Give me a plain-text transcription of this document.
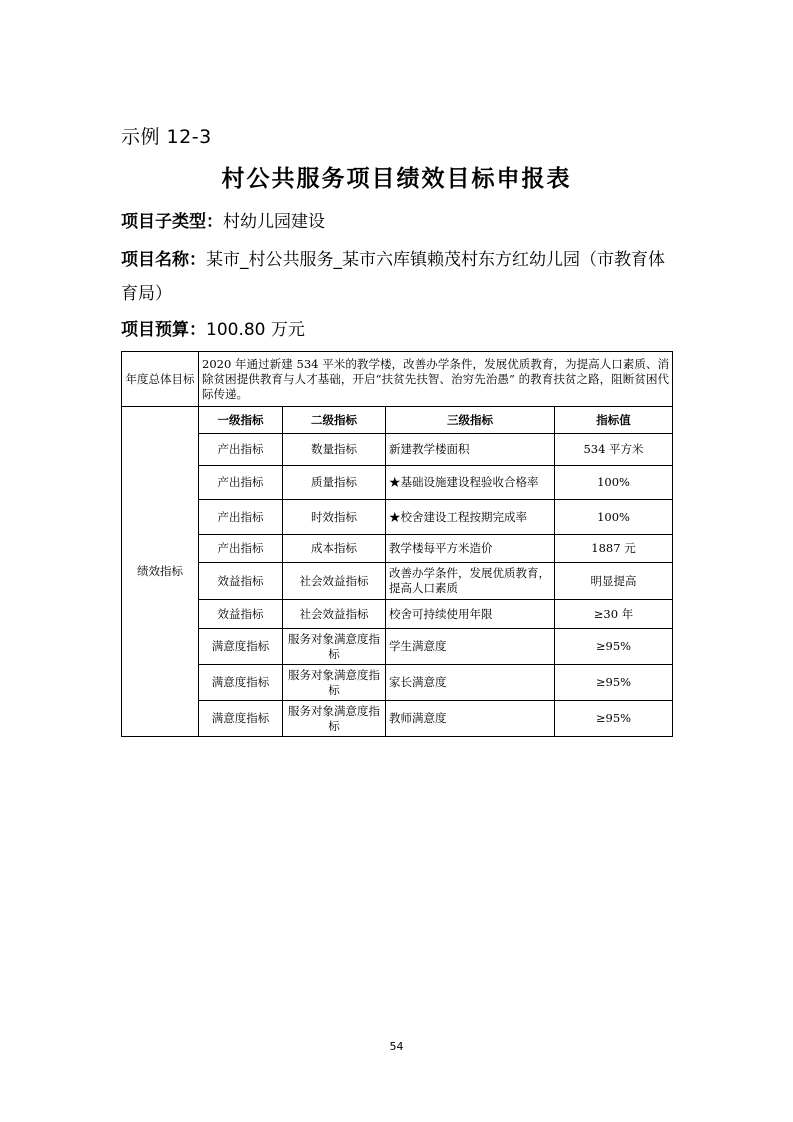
示例 12-3
村公共服务项目绩效目标申报表
项目子类型：村幼儿园建设
项目名称：某市_村公共服务_某市六库镇赖茂村东方红幼儿园（市教育体育局）
项目预算：100.80 万元
年度总体目标	2020 年通过新建 534 平米的教学楼，改善办学条件，发展优质教育，为提高人口素质、消除贫困提供教育与人才基础，开启“扶贫先扶智、治穷先治愚” 的教育扶贫之路，阻断贫困代际传递。			
绩效指标	一级指标	二级指标	三级指标	指标值
	产出指标	数量指标	新建教学楼面积	534 平方米
	产出指标	质量指标	★基础设施建设程验收合格率	100%
	产出指标	时效指标	★校舍建设工程按期完成率	100%
	产出指标	成本指标	教学楼每平方米造价	1887 元
	效益指标	社会效益指标	改善办学条件，发展优质教育，提高人口素质	明显提高
	效益指标	社会效益指标	校舍可持续使用年限	≥30 年
	满意度指标	服务对象满意度指标	学生满意度	≥95%
	满意度指标	服务对象满意度指标	家长满意度	≥95%
	满意度指标	服务对象满意度指标	教师满意度	≥95%
54
